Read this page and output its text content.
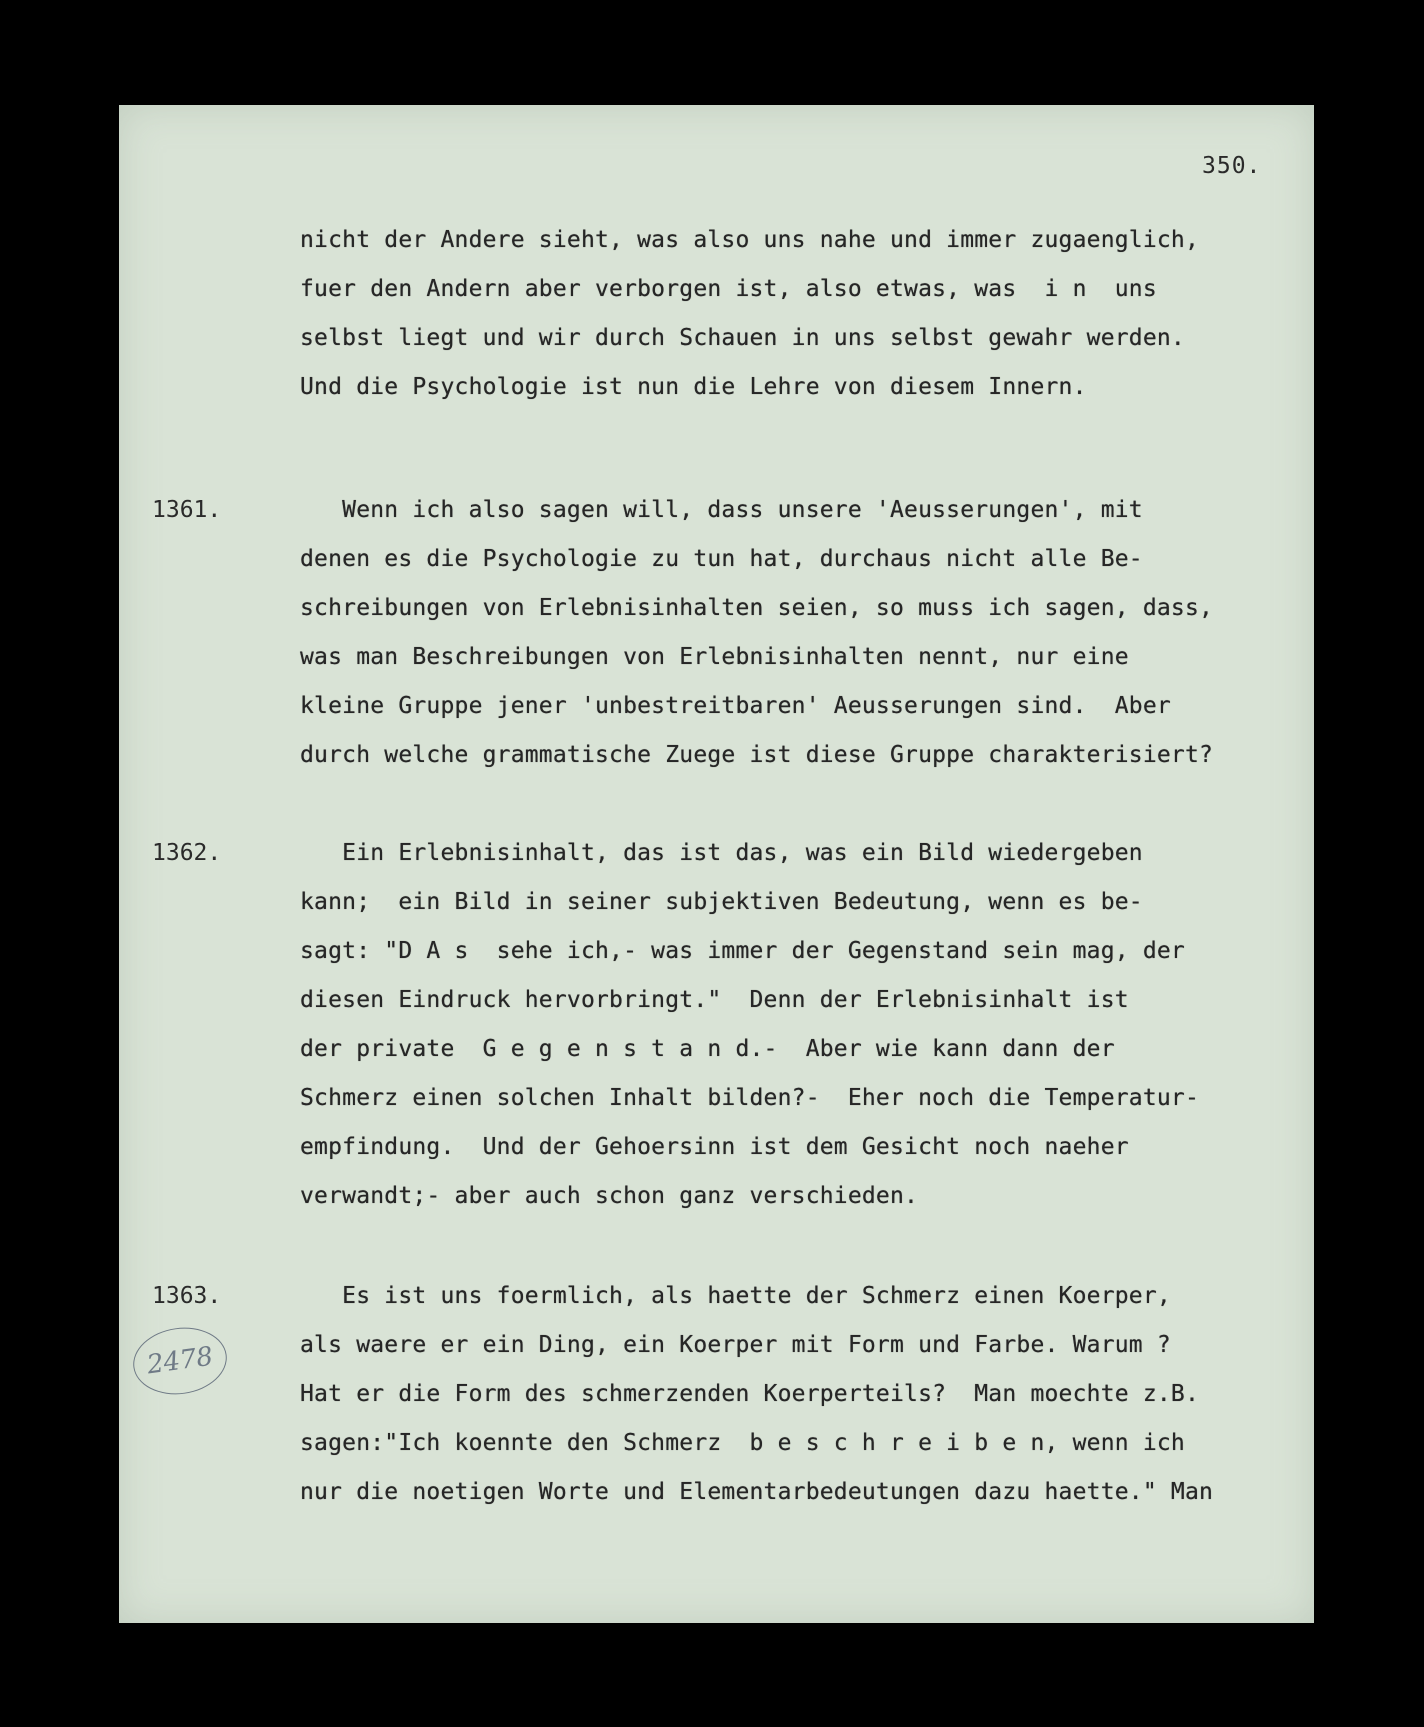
350.
nicht der Andere sieht, was also uns nahe und immer zugaenglich,
fuer den Andern aber verborgen ist, also etwas, was  i n  uns
selbst liegt und wir durch Schauen in uns selbst gewahr werden.
Und die Psychologie ist nun die Lehre von diesem Innern.
1361.	Wenn ich also sagen will, dass unsere 'Aeusserungen', mit
denen es die Psychologie zu tun hat, durchaus nicht alle Be-
schreibungen von Erlebnisinhalten seien, so muss ich sagen, dass,
was man Beschreibungen von Erlebnisinhalten nennt, nur eine
kleine Gruppe jener 'unbestreitbaren' Aeusserungen sind.  Aber
durch welche grammatische Zuege ist diese Gruppe charakterisiert?
1362.	Ein Erlebnisinhalt, das ist das, was ein Bild wiedergeben
kann;  ein Bild in seiner subjektiven Bedeutung, wenn es be-
sagt: "D A s  sehe ich,- was immer der Gegenstand sein mag, der
diesen Eindruck hervorbringt."  Denn der Erlebnisinhalt ist
der private  G e g e n s t a n d.-  Aber wie kann dann der
Schmerz einen solchen Inhalt bilden?-  Eher noch die Temperatur-
empfindung.  Und der Gehoersinn ist dem Gesicht noch naeher
verwandt;- aber auch schon ganz verschieden.
1363.	Es ist uns foermlich, als haette der Schmerz einen Koerper,
als waere er ein Ding, ein Koerper mit Form und Farbe. Warum ?
Hat er die Form des schmerzenden Koerperteils?  Man moechte z.B.
sagen:"Ich koennte den Schmerz  b e s c h r e i b e n, wenn ich
nur die noetigen Worte und Elementarbedeutungen dazu haette." Man
2478
